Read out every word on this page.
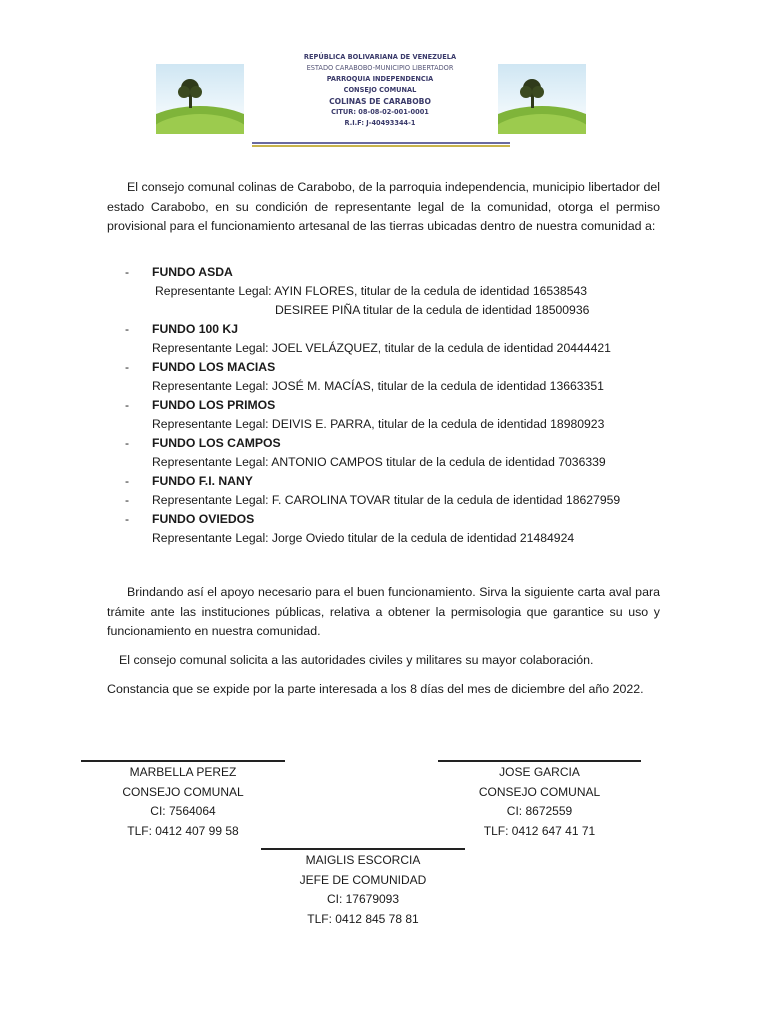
REPÚBLICA BOLIVARIANA DE VENEZUELA
ESTADO CARABOBO-MUNICIPIO LIBERTADOR
PARROQUIA INDEPENDENCIA
CONSEJO COMUNAL
COLINAS DE CARABOBO
CITUR: 08-08-02-001-0001
R.I.F: J-40493344-1
El consejo comunal colinas de Carabobo, de la parroquia independencia, municipio libertador del estado Carabobo, en su condición de representante legal de la comunidad, otorga el permiso provisional para el funcionamiento artesanal de las tierras ubicadas dentro de nuestra comunidad a:
- FUNDO ASDA
Representante Legal: AYIN FLORES, titular de la cedula de identidad 16538543
DESIREE PIÑA titular de la cedula de identidad 18500936
- FUNDO 100 KJ
Representante Legal: JOEL VELÁZQUEZ, titular de la cedula de identidad 20444421
- FUNDO LOS MACIAS
Representante Legal: JOSÉ M. MACÍAS, titular de la cedula de identidad 13663351
- FUNDO LOS PRIMOS
Representante Legal: DEIVIS E. PARRA, titular de la cedula de identidad 18980923
- FUNDO LOS CAMPOS
Representante Legal: ANTONIO CAMPOS titular de la cedula de identidad 7036339
- FUNDO F.I. NANY
- Representante Legal: F. CAROLINA TOVAR titular de la cedula de identidad 18627959
- FUNDO OVIEDOS
Representante Legal: Jorge Oviedo titular de la cedula de identidad 21484924
Brindando así el apoyo necesario para el buen funcionamiento. Sirva la siguiente carta aval para trámite ante las instituciones públicas, relativa a obtener la permisologia que garantice su uso y funcionamiento en nuestra comunidad.
El consejo comunal solicita a las autoridades civiles y militares su mayor colaboración.
Constancia que se expide por la parte interesada a los 8 días del mes de diciembre del año 2022.
MARBELLA PEREZ
CONSEJO COMUNAL
CI: 7564064
TLF: 0412 407 99 58
JOSE GARCIA
CONSEJO COMUNAL
CI: 8672559
TLF: 0412 647 41 71
MAIGLIS ESCORCIA
JEFE DE COMUNIDAD
CI: 17679093
TLF: 0412 845 78 81
